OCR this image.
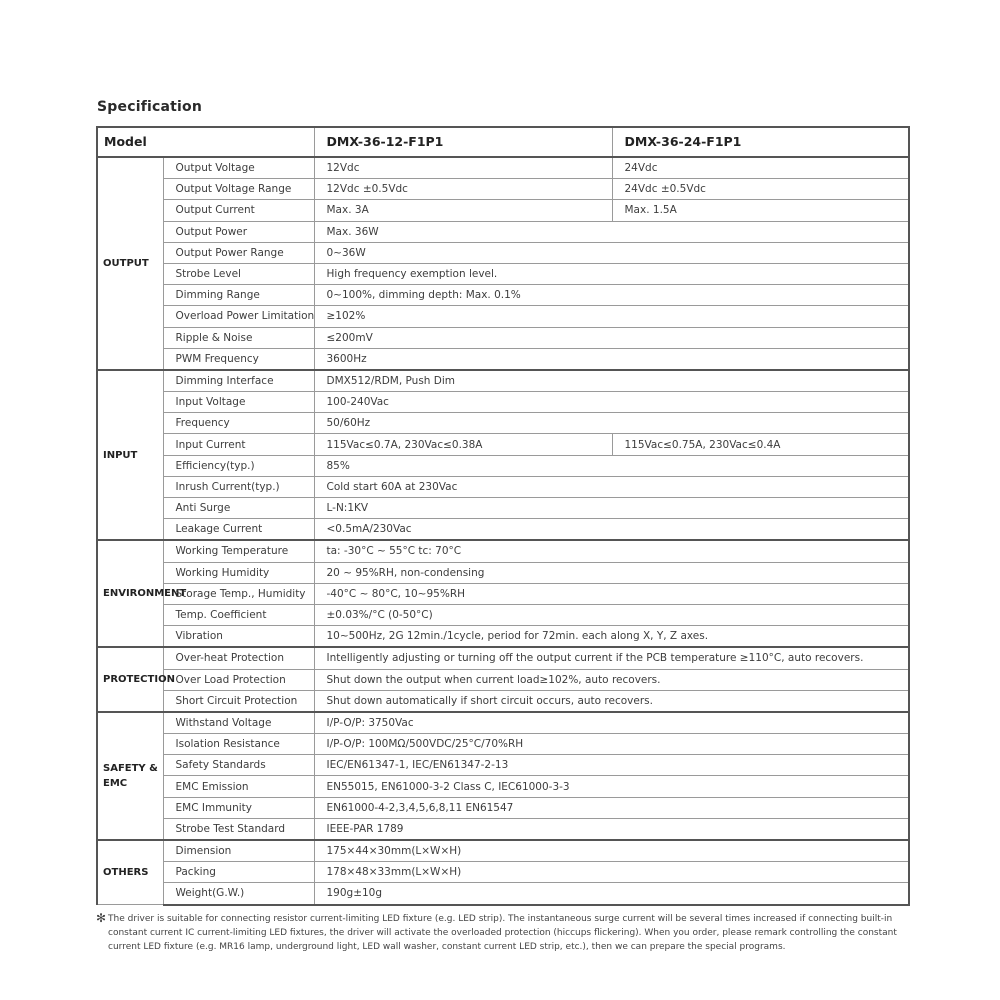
Specification
Model		DMX-36-12-F1P1	DMX-36-24-F1P1
OUTPUT	Output Voltage	12Vdc	24Vdc
	Output Voltage Range	12Vdc ±0.5Vdc	24Vdc ±0.5Vdc
	Output Current	Max. 3A	Max. 1.5A
	Output Power	Max. 36W	
	Output Power Range	0~36W	
	Strobe Level	High frequency exemption level.	
	Dimming Range	0~100%, dimming depth: Max. 0.1%	
	Overload Power Limitation	≥102%	
	Ripple & Noise	≤200mV	
	PWM Frequency	3600Hz	
INPUT	Dimming Interface	DMX512/RDM, Push Dim	
	Input Voltage	100-240Vac	
	Frequency	50/60Hz	
	Input Current	115Vac≤0.7A, 230Vac≤0.38A	115Vac≤0.75A, 230Vac≤0.4A
	Efficiency(typ.)	85%	
	Inrush Current(typ.)	Cold start 60A at 230Vac	
	Anti Surge	L-N:1KV	
	Leakage Current	<0.5mA/230Vac	
ENVIRONMENT	Working Temperature	ta: -30°C ~ 55°C tc: 70°C	
	Working Humidity	20 ~ 95%RH, non-condensing	
	Storage Temp., Humidity	-40°C ~ 80°C, 10~95%RH	
	Temp. Coefficient	±0.03%/°C (0-50°C)	
	Vibration	10~500Hz, 2G 12min./1cycle, period for 72min. each along X, Y, Z axes.	
PROTECTION	Over-heat Protection	Intelligently adjusting or turning off the output current if the PCB temperature ≥110°C, auto recovers.	
	Over Load Protection	Shut down the output when current load≥102%, auto recovers.	
	Short Circuit Protection	Shut down automatically if short circuit occurs, auto recovers.	
SAFETY & EMC	Withstand Voltage	I/P-O/P: 3750Vac	
	Isolation Resistance	I/P-O/P: 100MΩ/500VDC/25°C/70%RH	
	Safety Standards	IEC/EN61347-1, IEC/EN61347-2-13	
	EMC Emission	EN55015, EN61000-3-2 Class C, IEC61000-3-3	
	EMC Immunity	EN61000-4-2,3,4,5,6,8,11 EN61547	
	Strobe Test Standard	IEEE-PAR 1789	
OTHERS	Dimension	175×44×30mm(L×W×H)	
	Packing	178×48×33mm(L×W×H)	
	Weight(G.W.)	190g±10g	
✻ The driver is suitable for connecting resistor current-limiting LED fixture (e.g. LED strip). The instantaneous surge current will be several times increased if connecting built-in constant current IC current-limiting LED fixtures, the driver will activate the overloaded protection (hiccups flickering). When you order, please remark controlling the constant current LED fixture (e.g. MR16 lamp, underground light, LED wall washer, constant current LED strip, etc.), then we can prepare the special programs.
